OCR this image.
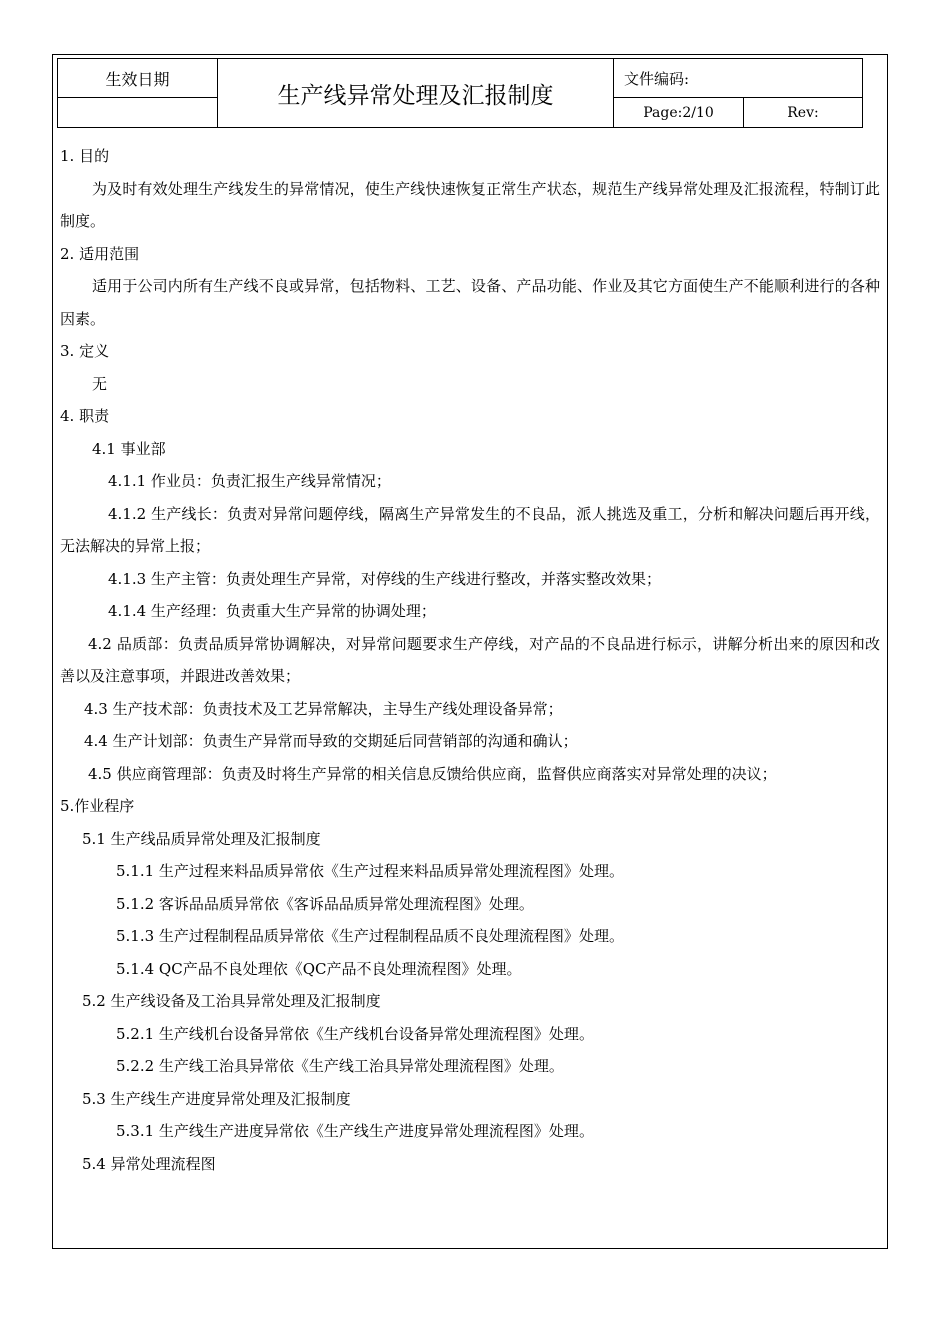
生效日期
生产线异常处理及汇报制度
文件编码:
Page:2/10	Rev:

1. 目的

为及时有效处理生产线发生的异常情况，使生产线快速恢复正常生产状态，规范生产线异常处理及汇报流程，特制订此制度。

2. 适用范围

适用于公司内所有生产线不良或异常，包括物料、工艺、设备、产品功能、作业及其它方面使生产不能顺利进行的各种因素。

3. 定义

无

4. 职责

4.1 事业部

4.1.1 作业员：负责汇报生产线异常情况；

4.1.2 生产线长：负责对异常问题停线，隔离生产异常发生的不良品，派人挑选及重工，分析和解决问题后再开线，无法解决的异常上报；

4.1.3 生产主管：负责处理生产异常，对停线的生产线进行整改，并落实整改效果；

4.1.4 生产经理：负责重大生产异常的协调处理；

4.2 品质部：负责品质异常协调解决，对异常问题要求生产停线，对产品的不良品进行标示，讲解分析出来的原因和改善以及注意事项，并跟进改善效果；

4.3 生产技术部：负责技术及工艺异常解决，主导生产线处理设备异常；

4.4 生产计划部：负责生产异常而导致的交期延后同营销部的沟通和确认；

4.5 供应商管理部：负责及时将生产异常的相关信息反馈给供应商，监督供应商落实对异常处理的决议；

5.作业程序

5.1 生产线品质异常处理及汇报制度

5.1.1 生产过程来料品质异常依《生产过程来料品质异常处理流程图》处理。

5.1.2 客诉品品质异常依《客诉品品质异常处理流程图》处理。

5.1.3 生产过程制程品质异常依《生产过程制程品质不良处理流程图》处理。

5.1.4 QC产品不良处理依《QC产品不良处理流程图》处理。

5.2 生产线设备及工治具异常处理及汇报制度

5.2.1 生产线机台设备异常依《生产线机台设备异常处理流程图》处理。

5.2.2 生产线工治具异常依《生产线工治具异常处理流程图》处理。

5.3 生产线生产进度异常处理及汇报制度

5.3.1 生产线生产进度异常依《生产线生产进度异常处理流程图》处理。

5.4 异常处理流程图
